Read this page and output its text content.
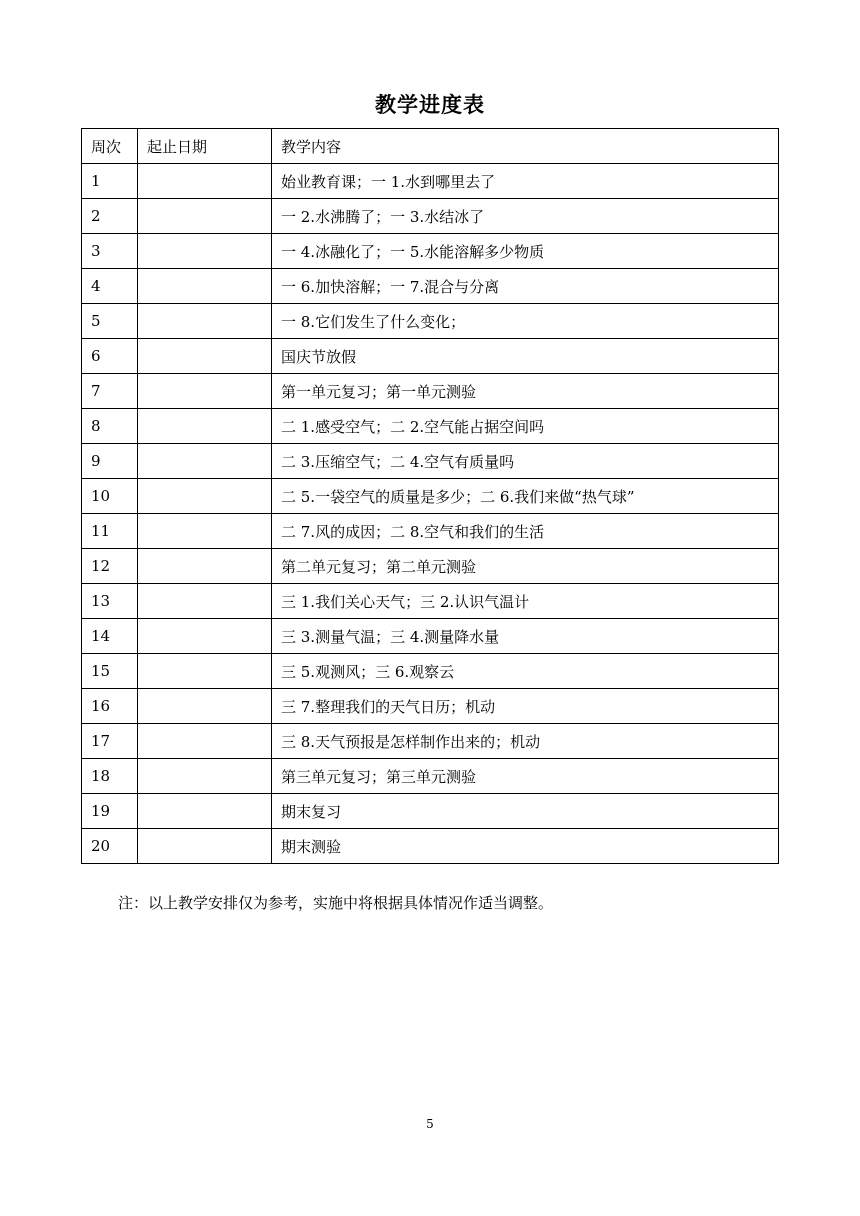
教学进度表
周次	起止日期	教学内容
1		始业教育课；一 1.水到哪里去了
2		一 2.水沸腾了；一 3.水结冰了
3		一 4.冰融化了；一 5.水能溶解多少物质
4		一 6.加快溶解；一 7.混合与分离
5		一 8.它们发生了什么变化；
6		国庆节放假
7		第一单元复习；第一单元测验
8		二 1.感受空气；二 2.空气能占据空间吗
9		二 3.压缩空气；二 4.空气有质量吗
10		二 5.一袋空气的质量是多少；二 6.我们来做“热气球”
11		二 7.风的成因；二 8.空气和我们的生活
12		第二单元复习；第二单元测验
13		三 1.我们关心天气；三 2.认识气温计
14		三 3.测量气温；三 4.测量降水量
15		三 5.观测风；三 6.观察云
16		三 7.整理我们的天气日历；机动
17		三 8.天气预报是怎样制作出来的；机动
18		第三单元复习；第三单元测验
19		期末复习
20		期末测验
注：以上教学安排仅为参考，实施中将根据具体情况作适当调整。
5
